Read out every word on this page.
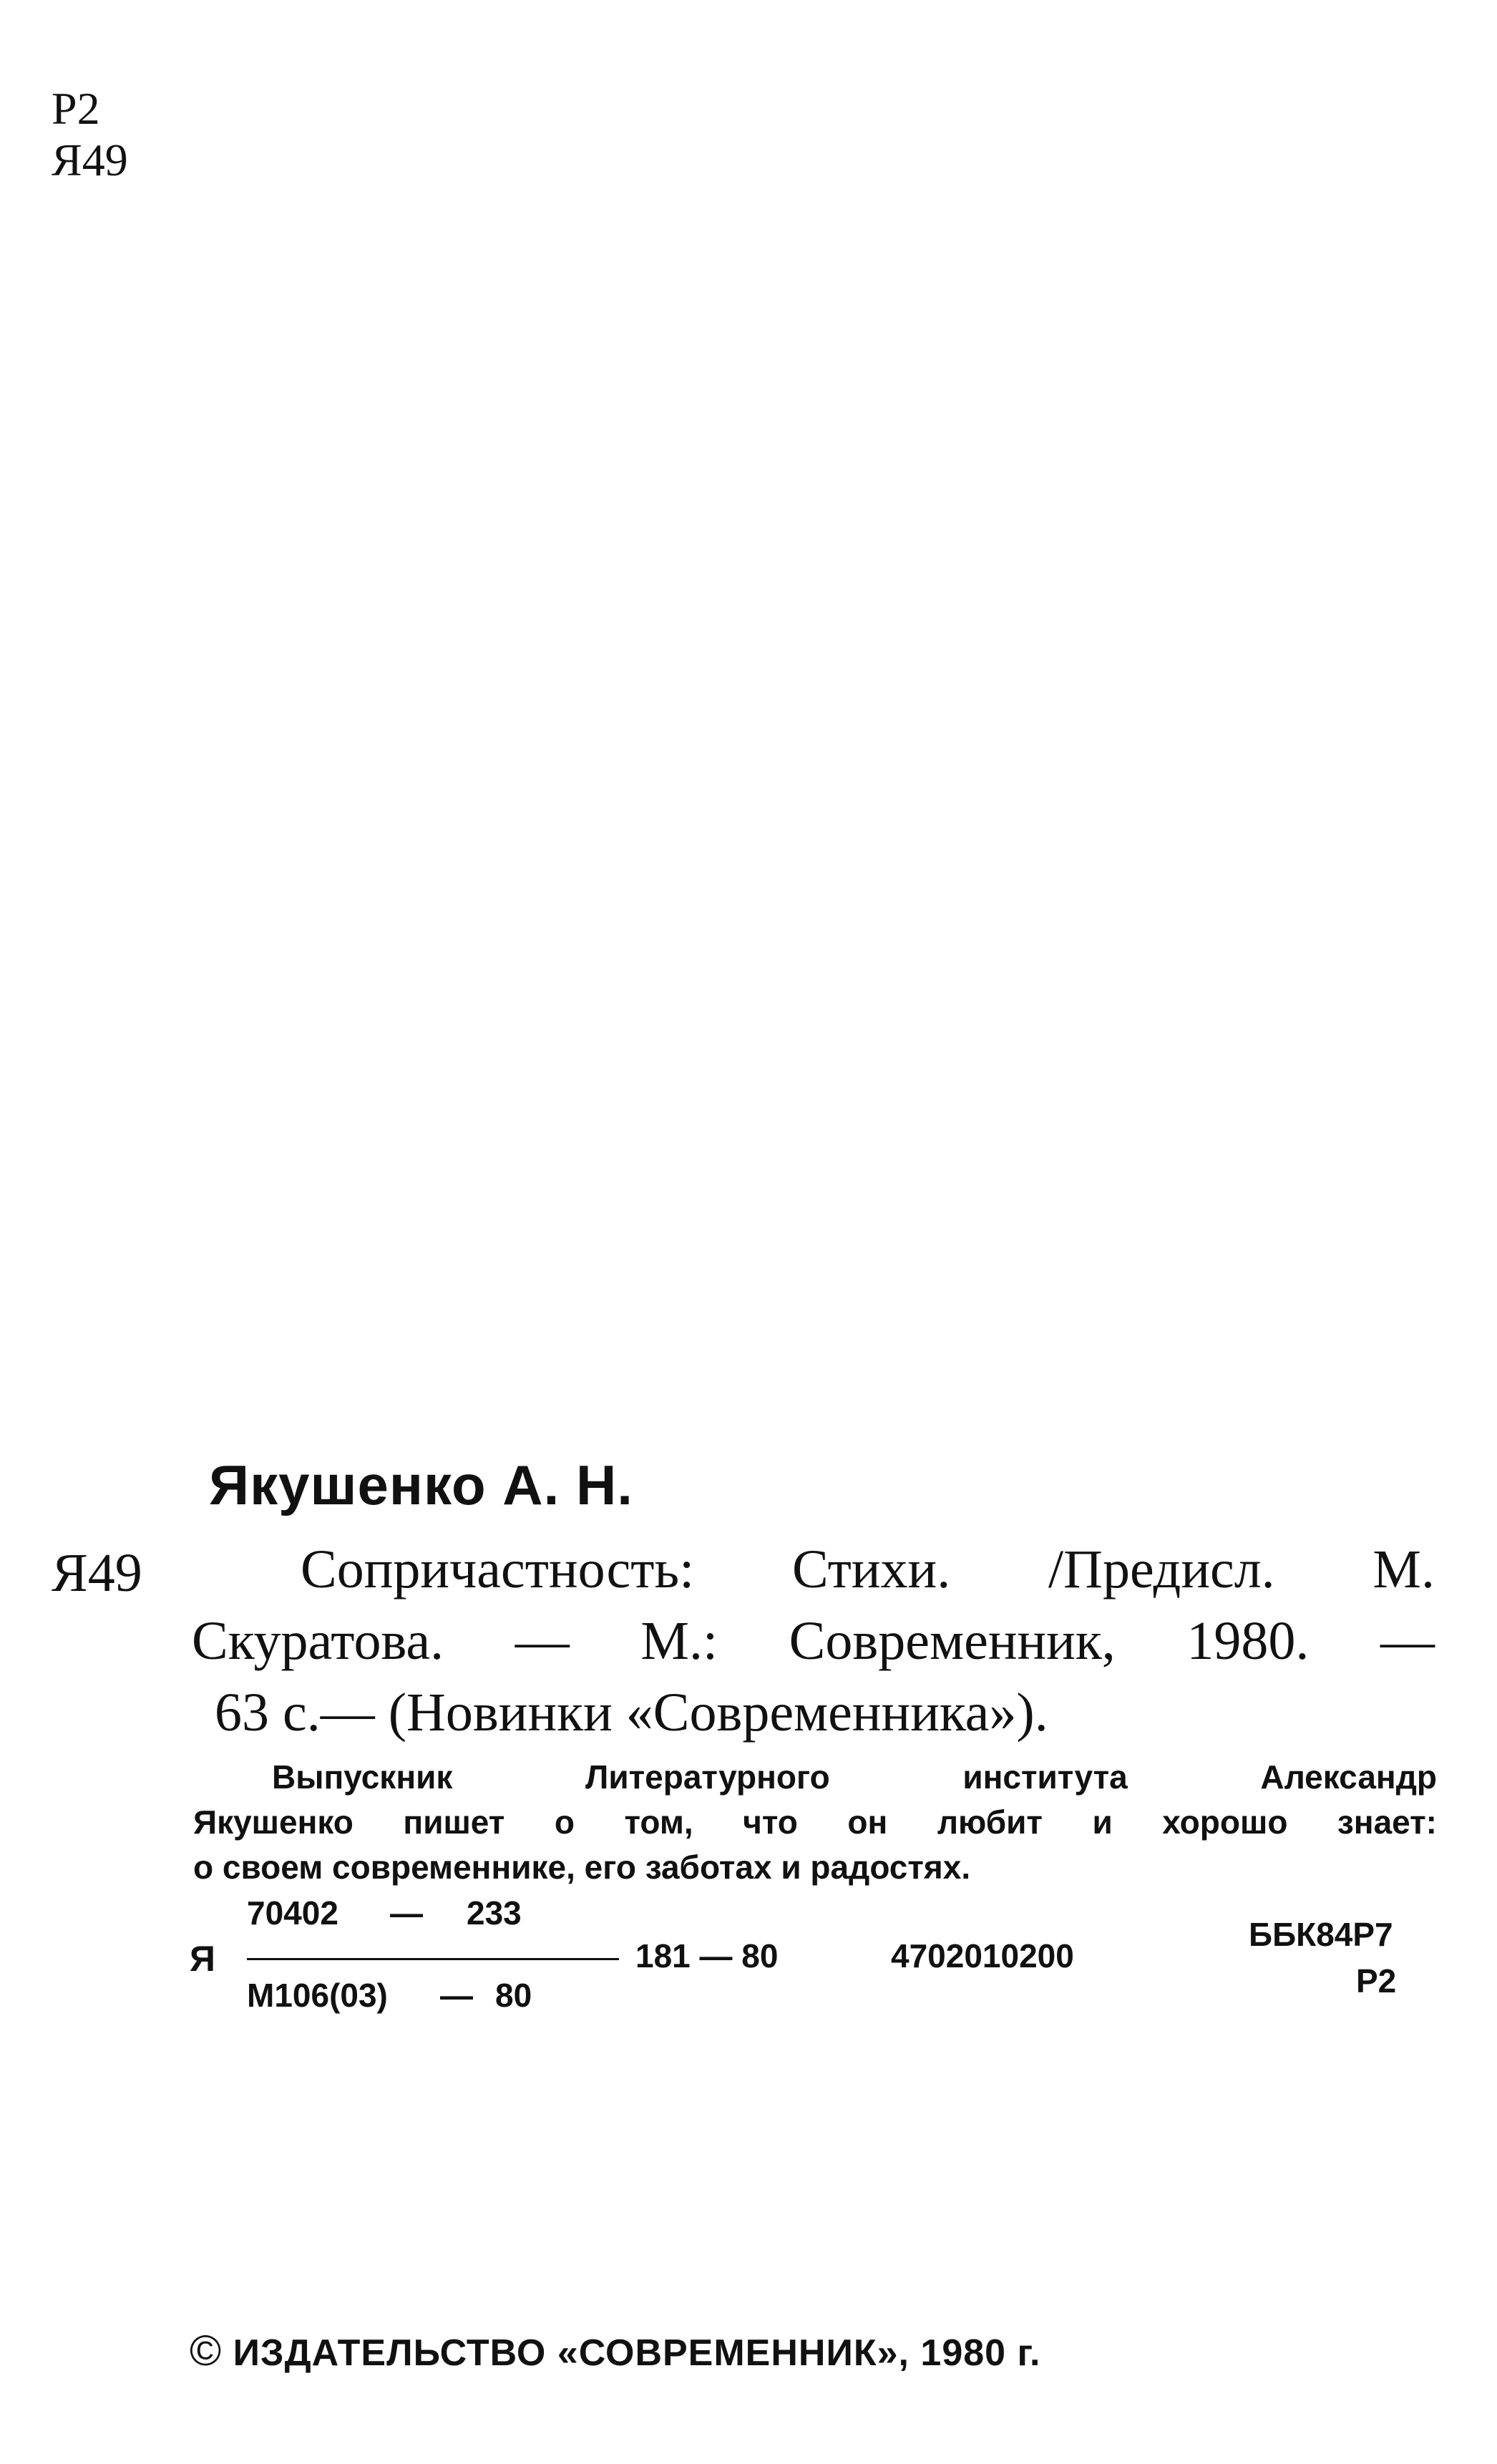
Р2
Я49
Якушенко А. Н.
Я49	Сопричастность: Стихи. /Предисл. М.
Скуратова. — М.: Современник, 1980. —
63 с.— (Новинки «Современника»).
Выпускник Литературного института Александр
Якушенко пишет о том, что он любит и хорошо знает:
о своем современнике, его заботах и радостях.
Я
70402 — 233
М106(03) — 80
181 — 80	4702010200
ББК84Р7
Р2
© ИЗДАТЕЛЬСТВО «СОВРЕМЕННИК», 1980 г.
